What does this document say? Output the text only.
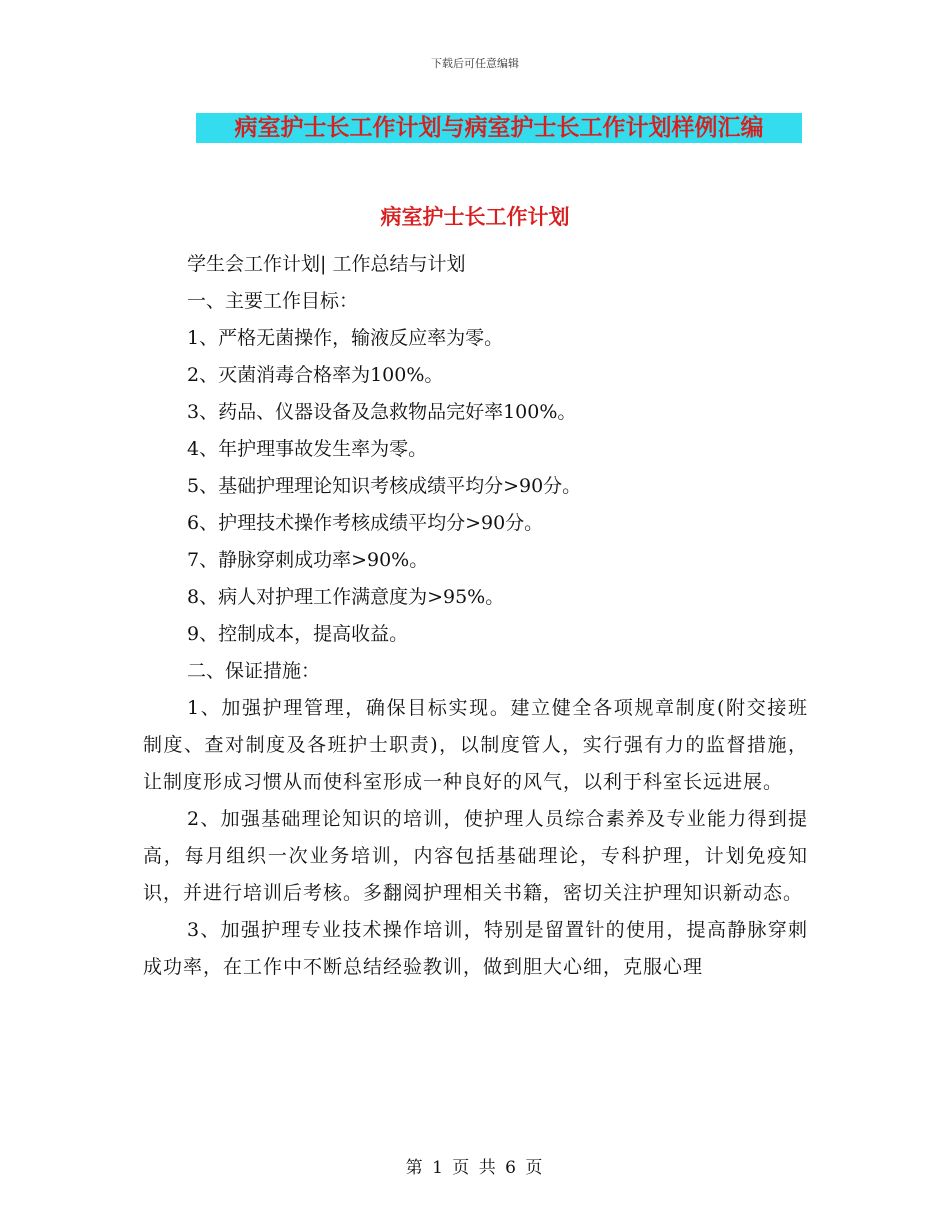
下载后可任意编辑
病室护士长工作计划与病室护士长工作计划样例汇编
病室护士长工作计划
学生会工作计划| 工作总结与计划
一、主要工作目标：
1、严格无菌操作，输液反应率为零。
2、灭菌消毒合格率为100%。
3、药品、仪器设备及急救物品完好率100%。
4、年护理事故发生率为零。
5、基础护理理论知识考核成绩平均分>90分。
6、护理技术操作考核成绩平均分>90分。
7、静脉穿刺成功率>90%。
8、病人对护理工作满意度为>95%。
9、控制成本，提高收益。
二、保证措施：

1、加强护理管理，确保目标实现。建立健全各项规章制度(附交接班制度、查对制度及各班护士职责)，以制度管人，实行强有力的监督措施，让制度形成习惯从而使科室形成一种良好的风气，以利于科室长远进展。

2、加强基础理论知识的培训，使护理人员综合素养及专业能力得到提高，每月组织一次业务培训，内容包括基础理论，专科护理，计划免疫知识，并进行培训后考核。多翻阅护理相关书籍，密切关注护理知识新动态。

3、加强护理专业技术操作培训，特别是留置针的使用，提高静脉穿刺成功率，在工作中不断总结经验教训，做到胆大心细，克服心理

第 1 页 共 6 页
